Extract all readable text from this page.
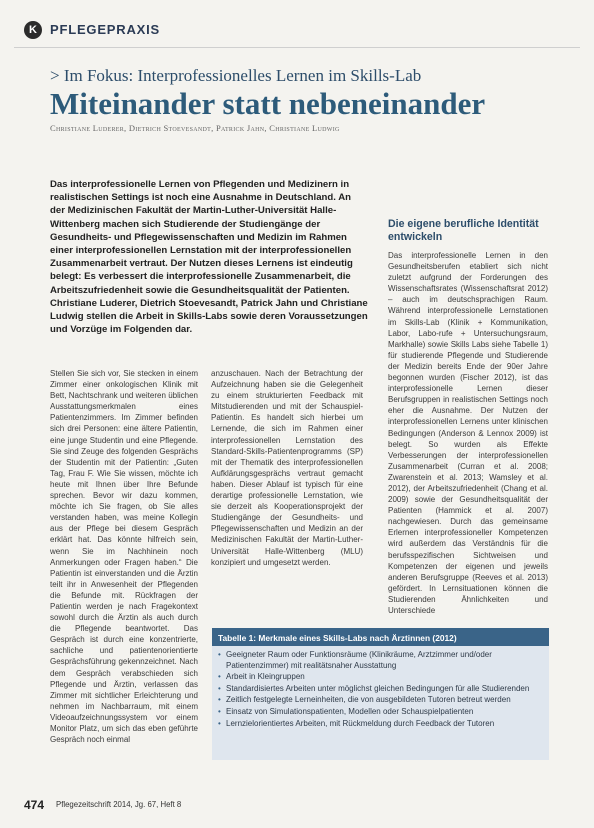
K	PFLEGEPRAXIS
> Im Fokus: Interprofessionelles Lernen im Skills-Lab
Miteinander statt nebeneinander
Christiane Luderer, Dietrich Stoevesandt, Patrick Jahn, Christiane Ludwig
Das interprofessionelle Lernen von Pflegenden und Medizinern in realistischen Settings ist noch eine Ausnahme in Deutschland. An der Medizinischen Fakultät der Martin-Luther-Universität Halle-Wittenberg machen sich Studierende der Studiengänge der Gesundheits- und Pflegewissenschaften und Medizin im Rahmen einer interprofessionellen Lernstation mit der interprofessionellen Zusammenarbeit vertraut. Der Nutzen dieses Lernens ist eindeutig belegt: Es verbessert die interprofessionelle Zusammenarbeit, die Arbeitszufriedenheit sowie die Gesundheitsqualität der Patienten. Christiane Luderer, Dietrich Stoevesandt, Patrick Jahn und Christiane Ludwig stellen die Arbeit in Skills-Labs sowie deren Voraussetzungen und Vorzüge im Folgenden dar.

Stellen Sie sich vor, Sie stecken in einem Zimmer einer onkologischen Klinik mit Bett, Nachtschrank und weiteren üblichen Ausstattungsmerkmalen eines Patientenzimmers. Im Zimmer befinden sich drei Personen: eine ältere Patientin, eine junge Studentin und eine Pflegende. Sie sind Zeuge des folgenden Gesprächs der Studentin mit der Patientin: „Guten Tag, Frau F. Wie Sie wissen, möchte ich heute mit Ihnen über Ihre Befunde sprechen. Bevor wir dazu kommen, möchte ich Sie fragen, ob Sie alles verstanden haben, was meine Kollegin aus der Pflege bei diesem Gespräch erklärt hat. Das könnte hilfreich sein, wenn Sie im Nachhinein noch Anmerkungen oder Fragen haben.“ Die Patientin ist einverstanden und die Ärztin teilt ihr in Anwesenheit der Pflegenden die Befunde mit. Rückfragen der Patientin werden je nach Fragekontext sowohl durch die Ärztin als auch durch die Pflegende beantwortet. Das Gespräch ist durch eine konzentrierte, sachliche und patientenorientierte Gesprächsführung gekennzeichnet. Nach dem Gespräch verabschieden sich Pflegende und Ärztin, verlassen das Zimmer mit sichtlicher Erleichterung und nehmen im Nachbarraum, mit einem Videoaufzeichnungssystem vor einem Monitor Platz, um sich das eben geführte Gespräch noch einmal

anzuschauen. Nach der Betrachtung der Aufzeichnung haben sie die Gelegenheit zu einem strukturierten Feedback mit Mitstudierenden und mit der Schauspiel-Patientin. Es handelt sich hierbei um Lernende, die sich im Rahmen einer interprofessionellen Lernstation des Standard-Skills-Patientenprogramms (SP) mit der Thematik des interprofessionellen Aufklärungsgesprächs vertraut gemacht haben. Dieser Ablauf ist typisch für eine derartige professionelle Lernstation, wie sie derzeit als Kooperationsprojekt der Studiengänge der Gesundheits- und Pflegewissenschaften und Medizin an der Medizinischen Fakultät der Martin-Luther-Universität Halle-Wittenberg (MLU) konzipiert und umgesetzt werden.

Die eigene berufliche Identität entwickeln

Das interprofessionelle Lernen in den Gesundheitsberufen etabliert sich nicht zuletzt aufgrund der Forderungen des Wissenschaftsrates (Wissenschaftsrat 2012) – auch im deutschsprachigen Raum. Während interprofessionelle Lernstationen im Skills-Lab (Klinik + Kommunikation, Labor, Labo-rufe + Untersuchungsraum, Markhalle) sowie Skills Labs siehe Tabelle 1) für studierende Pflegende und Studierende der Medizin bereits Ende der 90er Jahre begonnen wurden (Fischer 2012), ist das interprofessionelle Lernen dieser Berufsgruppen in realistischen Settings noch eher die Ausnahme. Der Nutzen der interprofessionellen Lernens unter klinischen Bedingungen (Anderson & Lennox 2009) ist belegt. So wurden als Effekte Verbesserungen der interprofessionellen Zusammenarbeit (Curran et al. 2008; Zwarenstein et al. 2013; Wamsley et al. 2012), der Arbeitszufriedenheit (Chang et al. 2009) sowie der Gesundheitsqualität der Patienten (Hammick et al. 2007) nachgewiesen. Durch das gemeinsame Erlernen interprofessioneller Kompetenzen wird außerdem das Verständnis für die berufsspezifischen Sichtweisen und Kompetenzen der eigenen und jeweils anderen Berufsgruppe (Reeves et al. 2013) gefördert. In Lernsituationen können die Studierenden Ähnlichkeiten und Unterschiede

Tabelle 1: Merkmale eines Skills-Labs nach Ärztinnen (2012)
• Geeigneter Raum oder Funktionsräume (Klinikräume, Arztzimmer und/oder Patientenzimmer) mit realitätsnaher Ausstattung
• Arbeit in Kleingruppen
• Standardisiertes Arbeiten unter möglichst gleichen Bedingungen für alle Studierenden
• Zeitlich festgelegte Lerneinheiten, die von ausgebildeten Tutoren betreut werden
• Einsatz von Simulationspatienten, Modellen oder Schauspielpatienten
• Lernzielorientiertes Arbeiten, mit Rückmeldung durch Feedback der Tutoren
474 Pflegezeitschrift 2014, Jg. 67, Heft 8
